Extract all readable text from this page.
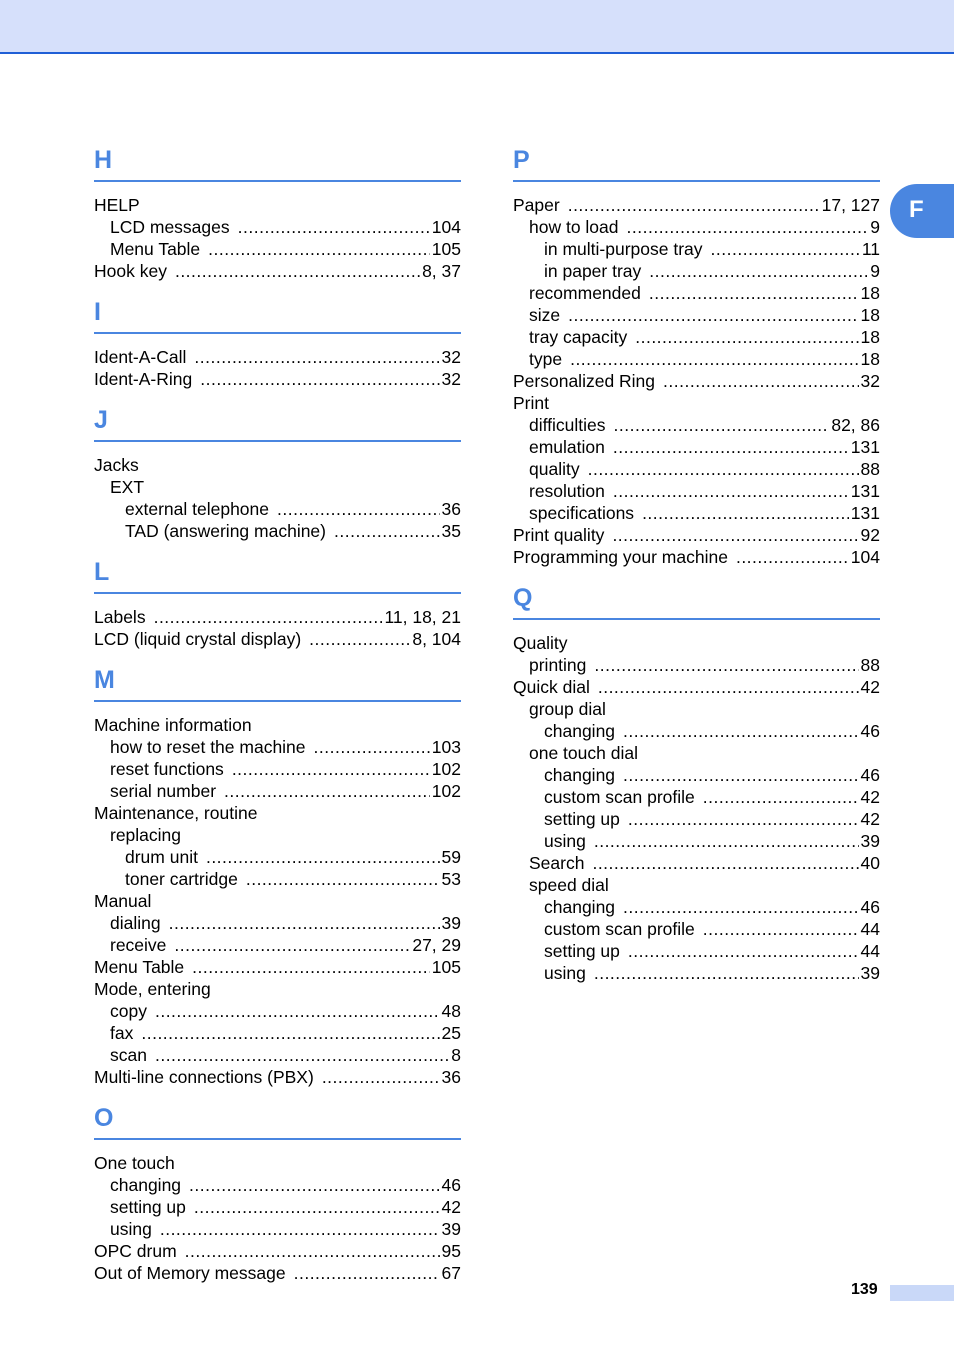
H
HELP
LCD messages .....	104
Menu Table .....	105
Hook key .....	8, 37
I
Ident-A-Call .....	32
Ident-A-Ring .....	32
J
Jacks
EXT
external telephone .....	36
TAD (answering machine) .....	35
L
Labels .....	11, 18, 21
LCD (liquid crystal display) .....	8, 104
M
Machine information
how to reset the machine .....	103
reset functions .....	102
serial number .....	102
Maintenance, routine
replacing
drum unit .....	59
toner cartridge .....	53
Manual
dialing .....	39
receive .....	27, 29
Menu Table .....	105
Mode, entering
copy .....	48
fax .....	25
scan .....	8
Multi-line connections (PBX) .....	36
O
One touch
changing .....	46
setting up .....	42
using .....	39
OPC drum .....	95
Out of Memory message .....	67
P
Paper .....	17, 127
how to load .....	9
in multi-purpose tray .....	11
in paper tray .....	9
recommended .....	18
size .....	18
tray capacity .....	18
type .....	18
Personalized Ring .....	32
Print
difficulties .....	82, 86
emulation .....	131
quality .....	88
resolution .....	131
specifications .....	131
Print quality .....	92
Programming your machine .....	104
Q
Quality
printing .....	88
Quick dial .....	42
group dial
changing .....	46
one touch dial
changing .....	46
custom scan profile .....	42
setting up .....	42
using .....	39
Search .....	40
speed dial
changing .....	46
custom scan profile .....	44
setting up .....	44
using .....	39
F
139
